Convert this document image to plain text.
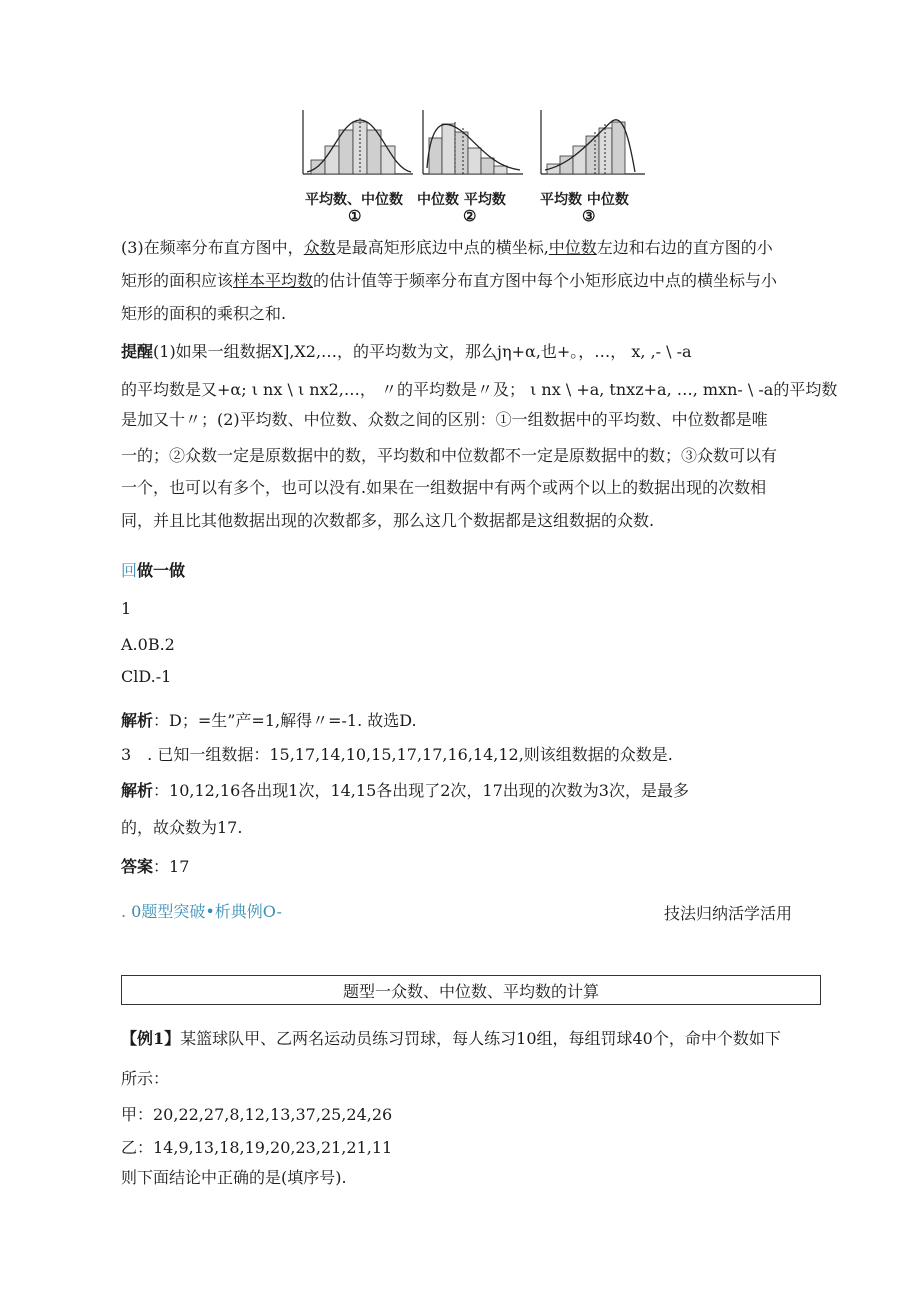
平均数、中位数
①
中位数 平均数
②
平均数 中位数
③
(3)在频率分布直方图中，众数是最高矩形底边中点的横坐标,中位数左边和右边的直方图的小
矩形的面积应该样本平均数的估计值等于频率分布直方图中每个小矩形底边中点的横坐标与小
矩形的面积的乘积之和.
提醒(1)如果一组数据X],X2,…，的平均数为文，那么jη+α,也+。，…， x, ,- \ -a
的平均数是又+α; ι nx \ ι nx2,…， 〃的平均数是〃及； ι nx \ +a, tnxz+a, …, mxn- \ -a的平均数
是加又十〃；(2)平均数、中位数、众数之间的区别：①一组数据中的平均数、中位数都是唯
一的；②众数一定是原数据中的数，平均数和中位数都不一定是原数据中的数；③众数可以有
一个，也可以有多个，也可以没有.如果在一组数据中有两个或两个以上的数据出现的次数相
同，并且比其他数据出现的次数都多，那么这几个数据都是这组数据的众数.
回做一做
1
A.0B.2
ClD.-1
解析：D；=生”产=1,解得〃=-1. 故选D.
3　. 已知一组数据：15,17,14,10,15,17,17,16,14,12,则该组数据的众数是.
解析：10,12,16各出现1次，14,15各出现了2次，17出现的次数为3次，是最多
的，故众数为17.
答案：17
. 0题型突破•析典例O-	技法归纳活学活用
题型一众数、中位数、平均数的计算
【例1】某篮球队甲、乙两名运动员练习罚球，每人练习10组，每组罚球40个，命中个数如下
所示：
甲：20,22,27,8,12,13,37,25,24,26
乙：14,9,13,18,19,20,23,21,21,11
则下面结论中正确的是(填序号).
